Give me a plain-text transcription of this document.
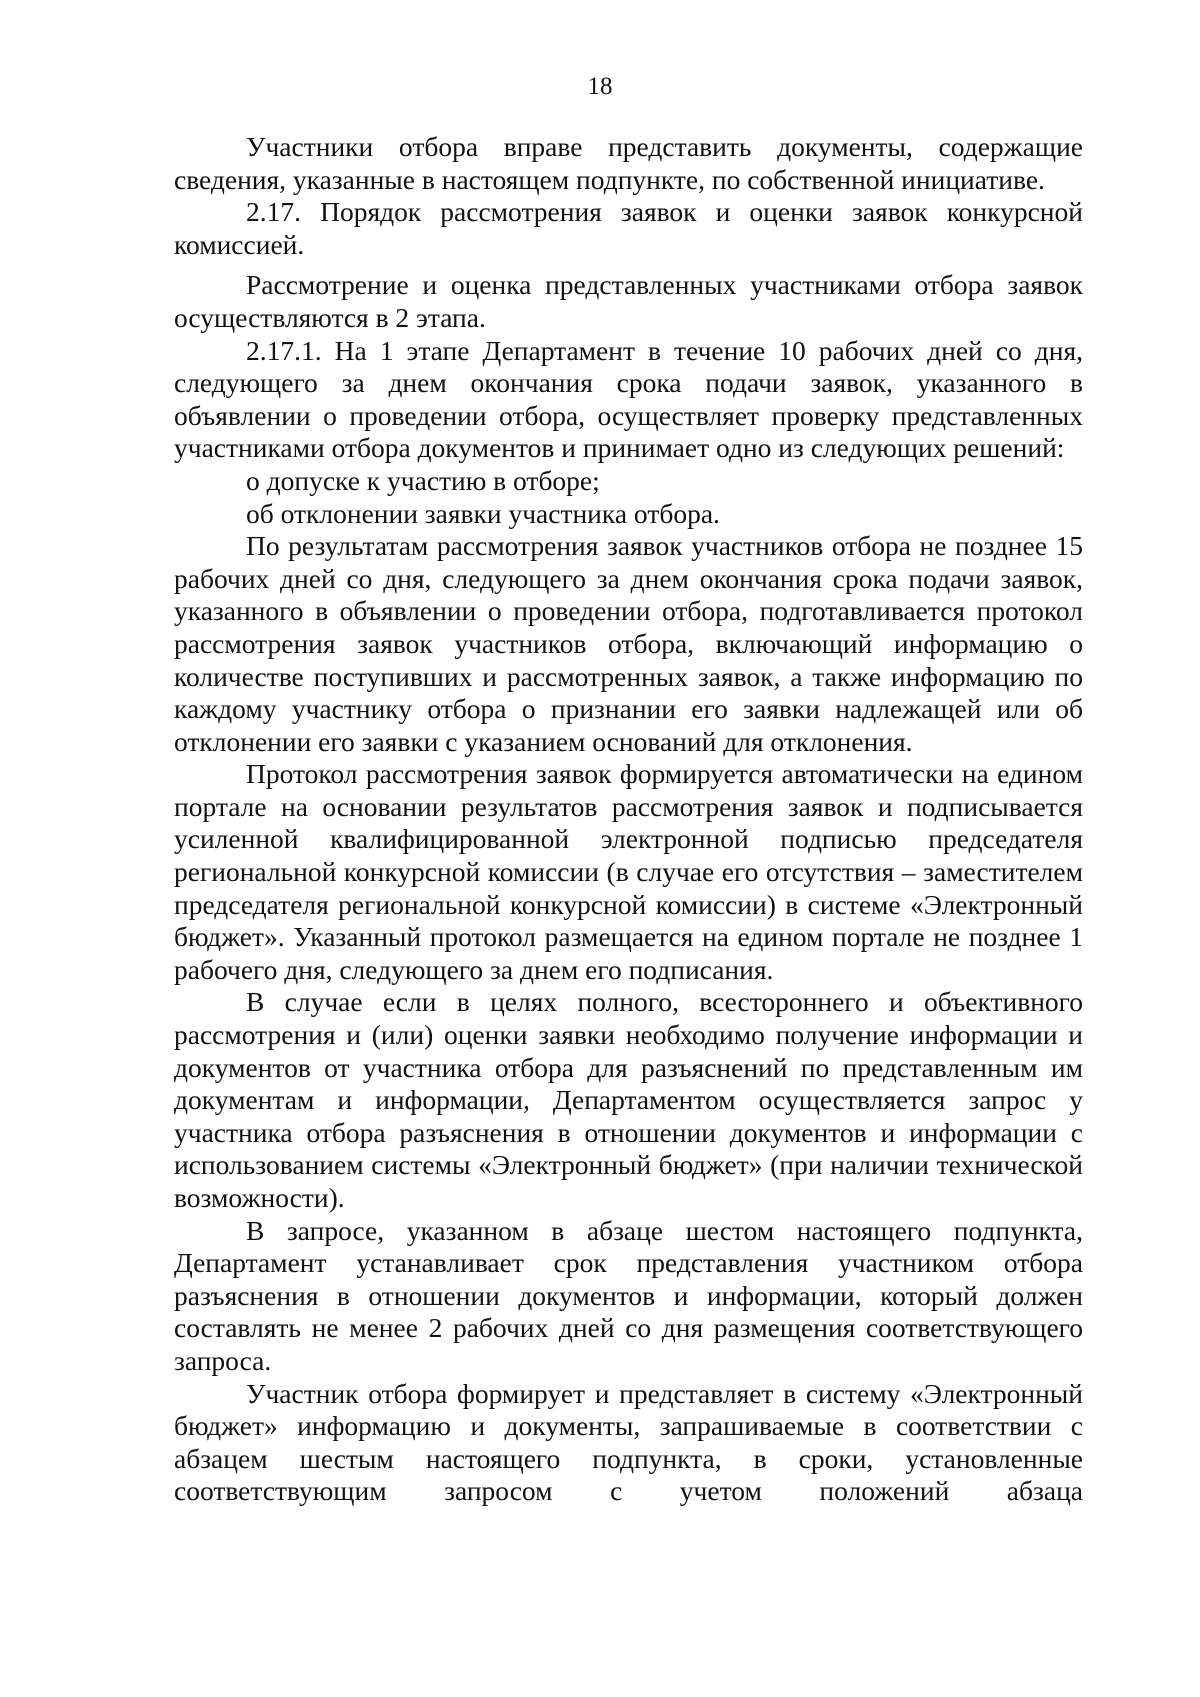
18

Участники отбора вправе представить документы, содержащие сведения, указанные в настоящем подпункте, по собственной инициативе.

2.17. Порядок рассмотрения заявок и оценки заявок конкурсной комиссией.

Рассмотрение и оценка представленных участниками отбора заявок осуществляются в 2 этапа.

2.17.1. На 1 этапе Департамент в течение 10 рабочих дней со дня, следующего за днем окончания срока подачи заявок, указанного в объявлении о проведении отбора, осуществляет проверку представленных участниками отбора документов и принимает одно из следующих решений:

о допуске к участию в отборе;

об отклонении заявки участника отбора.

По результатам рассмотрения заявок участников отбора не позднее 15 рабочих дней со дня, следующего за днем окончания срока подачи заявок, указанного в объявлении о проведении отбора, подготавливается протокол рассмотрения заявок участников отбора, включающий информацию о количестве поступивших и рассмотренных заявок, а также информацию по каждому участнику отбора о признании его заявки надлежащей или об отклонении его заявки с указанием оснований для отклонения.

Протокол рассмотрения заявок формируется автоматически на едином портале на основании результатов рассмотрения заявок и подписывается усиленной квалифицированной электронной подписью председателя региональной конкурсной комиссии (в случае его отсутствия – заместителем председателя региональной конкурсной комиссии) в системе «Электронный бюджет». Указанный протокол размещается на едином портале не позднее 1 рабочего дня, следующего за днем его подписания.

В случае если в целях полного, всестороннего и объективного рассмотрения и (или) оценки заявки необходимо получение информации и документов от участника отбора для разъяснений по представленным им документам и информации, Департаментом осуществляется запрос у участника отбора разъяснения в отношении документов и информации с использованием системы «Электронный бюджет» (при наличии технической возможности).

В запросе, указанном в абзаце шестом настоящего подпункта, Департамент устанавливает срок представления участником отбора разъяснения в отношении документов и информации, который должен составлять не менее 2 рабочих дней со дня размещения соответствующего запроса.

Участник отбора формирует и представляет в систему «Электронный бюджет» информацию и документы, запрашиваемые в соответствии с абзацем шестым настоящего подпункта, в сроки, установленные соответствующим запросом с учетом положений абзаца
